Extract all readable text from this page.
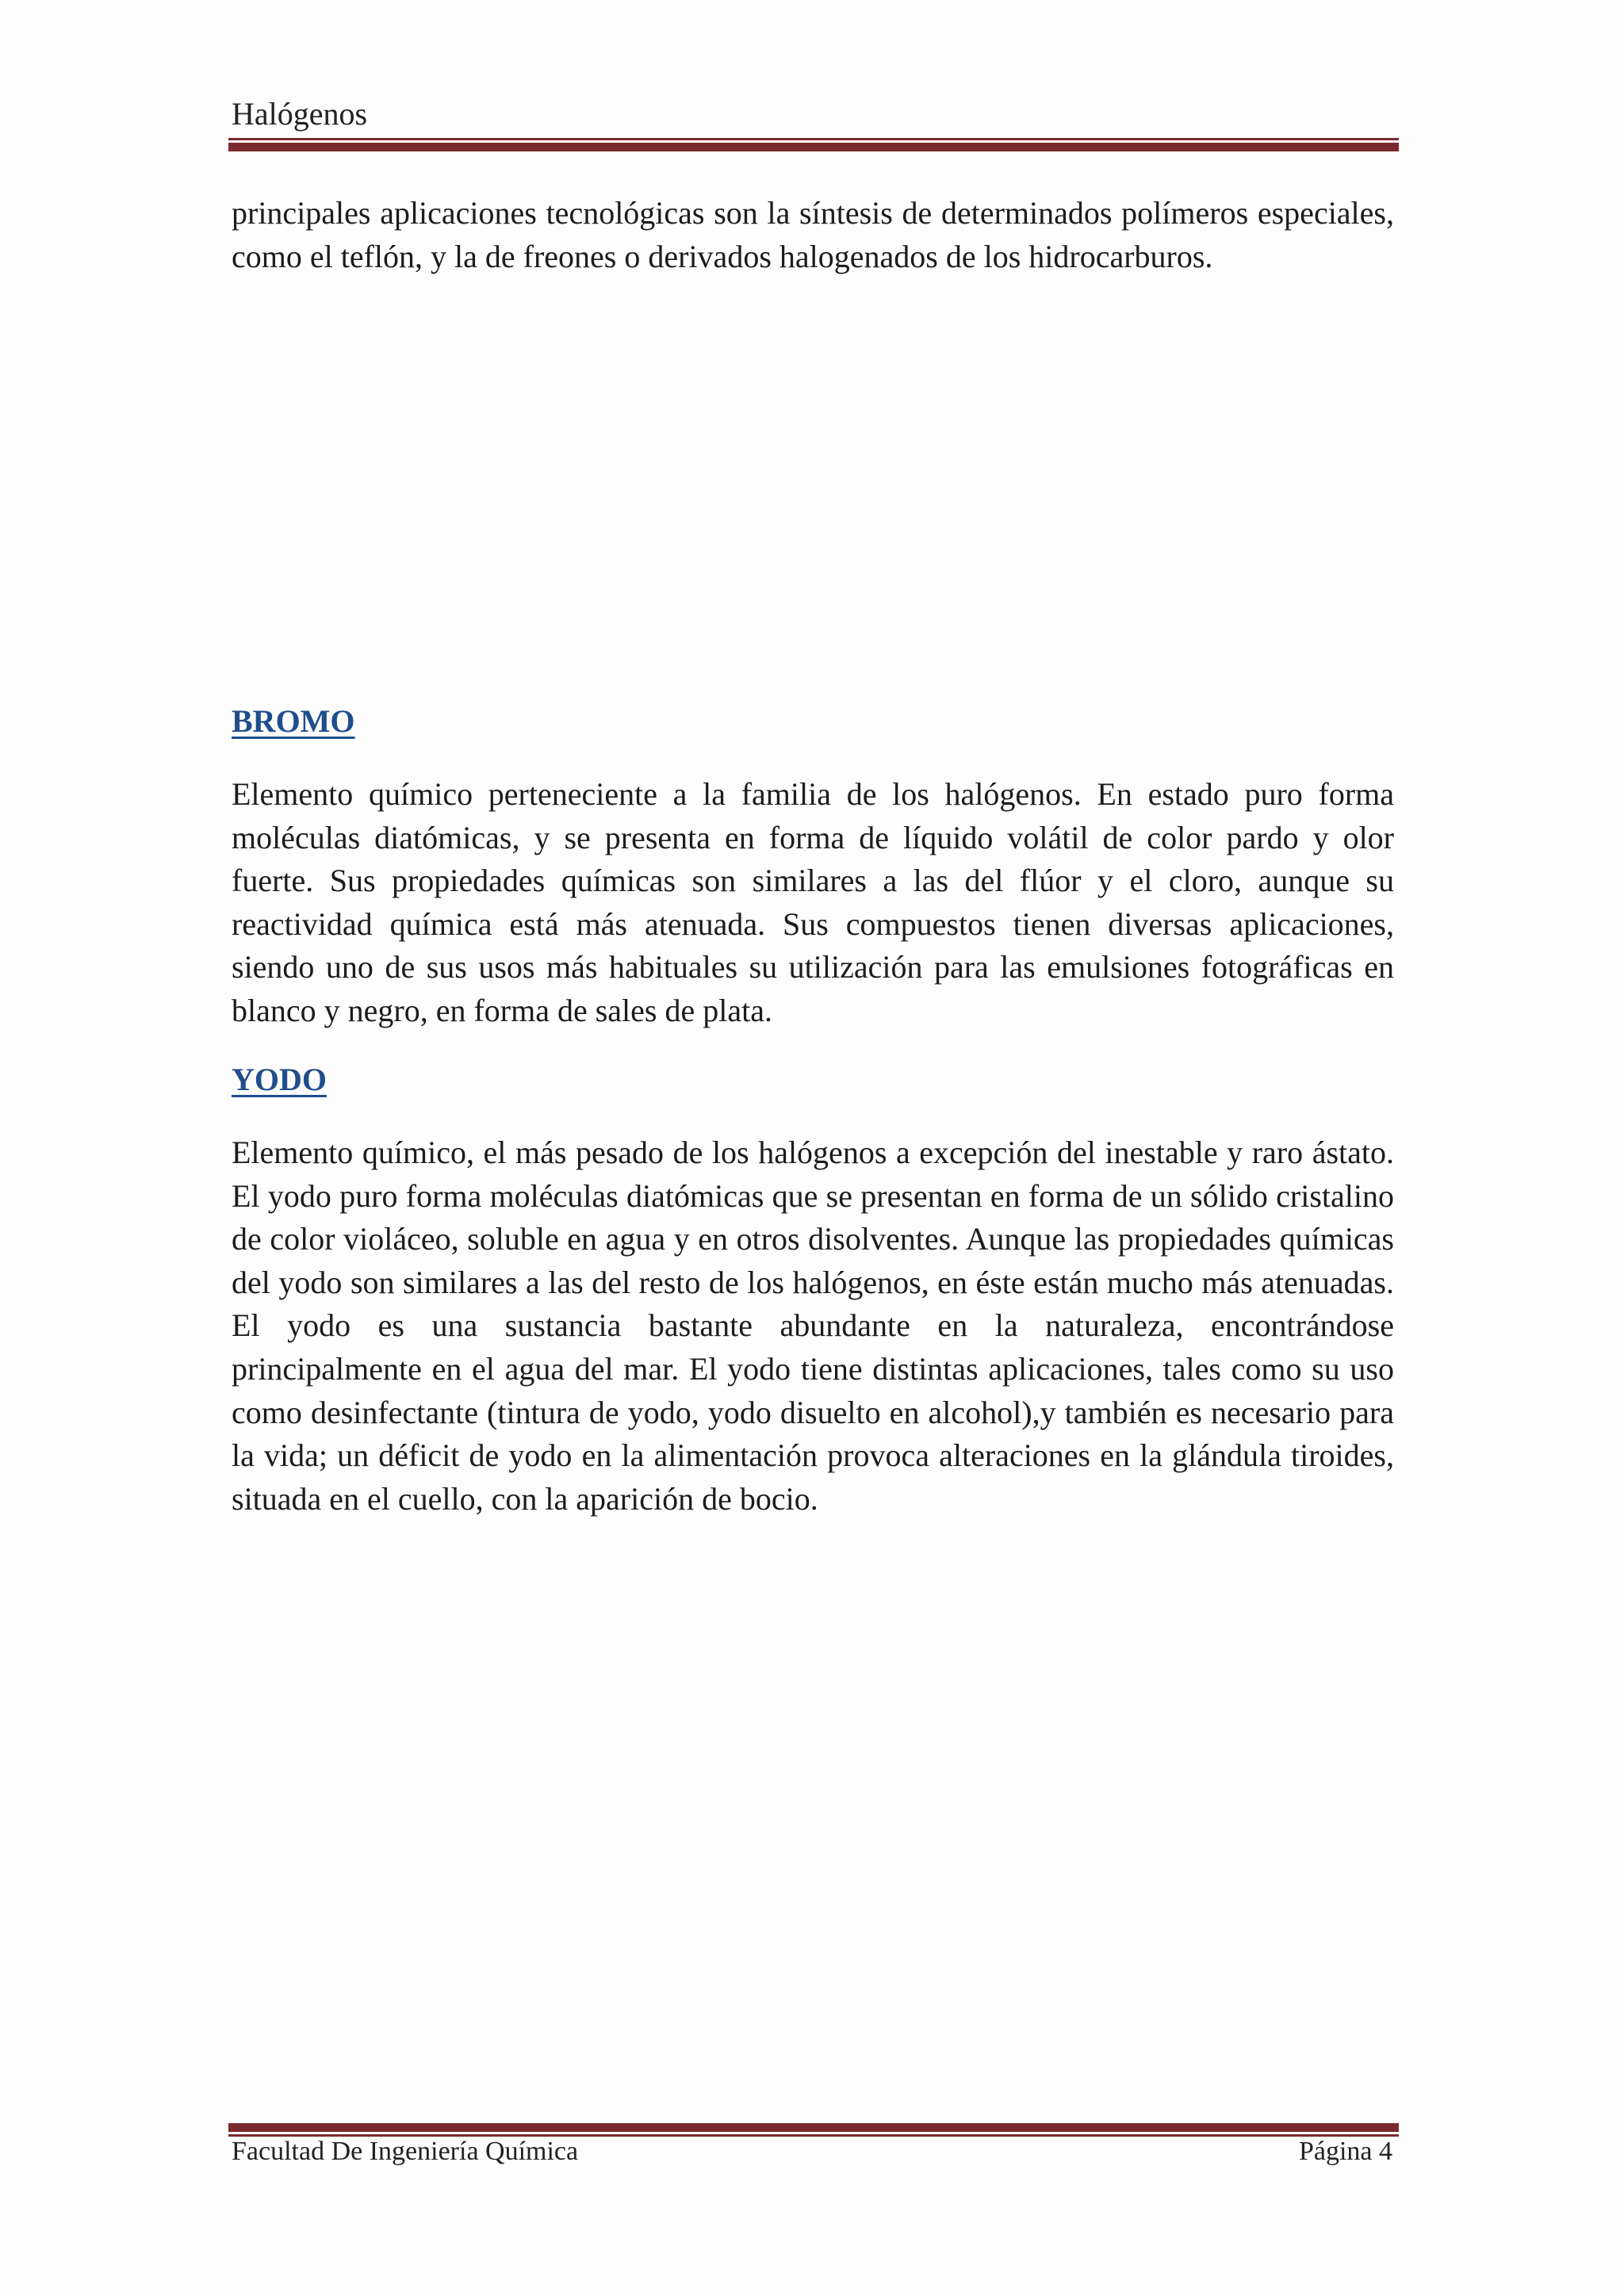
Halógenos

principales aplicaciones tecnológicas son la síntesis de determinados polímeros especiales, como el teflón, y la de freones o derivados halogenados de los hidrocarburos.

BROMO

Elemento químico perteneciente a la familia de los halógenos. En estado puro forma moléculas diatómicas, y se presenta en forma de líquido volátil de color pardo y olor fuerte. Sus propiedades químicas son similares a las del flúor y el cloro, aunque su reactividad química está más atenuada. Sus compuestos tienen diversas aplicaciones, siendo uno de sus usos más habituales su utilización para las emulsiones fotográficas en blanco y negro, en forma de sales de plata.

YODO

Elemento químico, el más pesado de los halógenos a excepción del inestable y raro ástato. El yodo puro forma moléculas diatómicas que se presentan en forma de un sólido cristalino de color violáceo, soluble en agua y en otros disolventes. Aunque las propiedades químicas del yodo son similares a las del resto de los halógenos, en éste están mucho más atenuadas. El yodo es una sustancia bastante abundante en la naturaleza, encontrándose principalmente en el agua del mar. El yodo tiene distintas aplicaciones, tales como su uso como desinfectante (tintura de yodo, yodo disuelto en alcohol),y también es necesario para la vida; un déficit de yodo en la alimentación provoca alteraciones en la glándula tiroides, situada en el cuello, con la aparición de bocio.

Facultad De Ingeniería Química	Página 4
